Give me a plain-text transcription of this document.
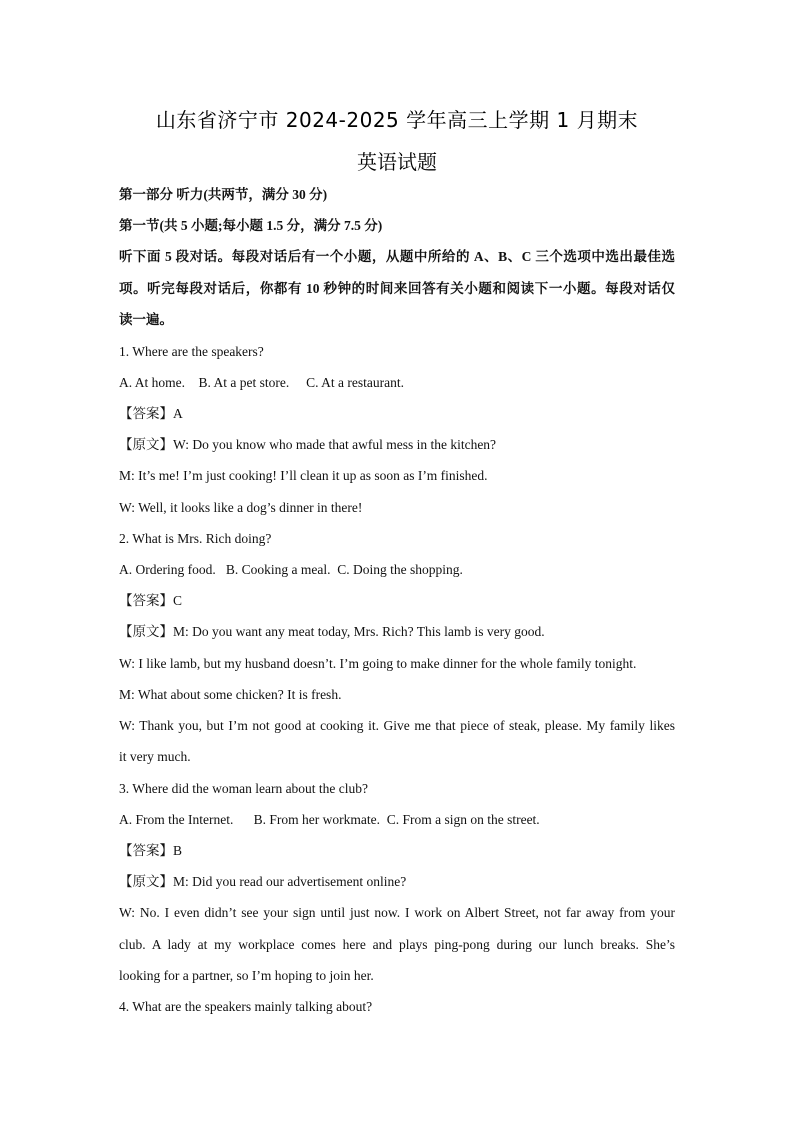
山东省济宁市 2024-2025 学年高三上学期 1 月期末
英语试题
第一部分 听力(共两节，满分 30 分)
第一节(共 5 小题;每小题 1.5 分，满分 7.5 分)
听下面 5 段对话。每段对话后有一个小题，从题中所给的 A、B、C 三个选项中选出最佳选
项。听完每段对话后，你都有 10 秒钟的时间来回答有关小题和阅读下一小题。每段对话仅
读一遍。
1. Where are the speakers?
A. At home.    B. At a pet store.     C. At a restaurant.
【答案】A
【原文】W: Do you know who made that awful mess in the kitchen?
M: It’s me! I’m just cooking! I’ll clean it up as soon as I’m finished.
W: Well, it looks like a dog’s dinner in there!
2. What is Mrs. Rich doing?
A. Ordering food.   B. Cooking a meal.  C. Doing the shopping.
【答案】C
【原文】M: Do you want any meat today, Mrs. Rich? This lamb is very good.
W: I like lamb, but my husband doesn’t. I’m going to make dinner for the whole family tonight.
M: What about some chicken? It is fresh.
W: Thank you, but I’m not good at cooking it. Give me that piece of steak, please. My family likes
it very much.
3. Where did the woman learn about the club?
A. From the Internet.      B. From her workmate.  C. From a sign on the street.
【答案】B
【原文】M: Did you read our advertisement online?
W: No. I even didn’t see your sign until just now. I work on Albert Street, not far away from your
club. A lady at my workplace comes here and plays ping-pong during our lunch breaks. She’s
looking for a partner, so I’m hoping to join her.
4. What are the speakers mainly talking about?
